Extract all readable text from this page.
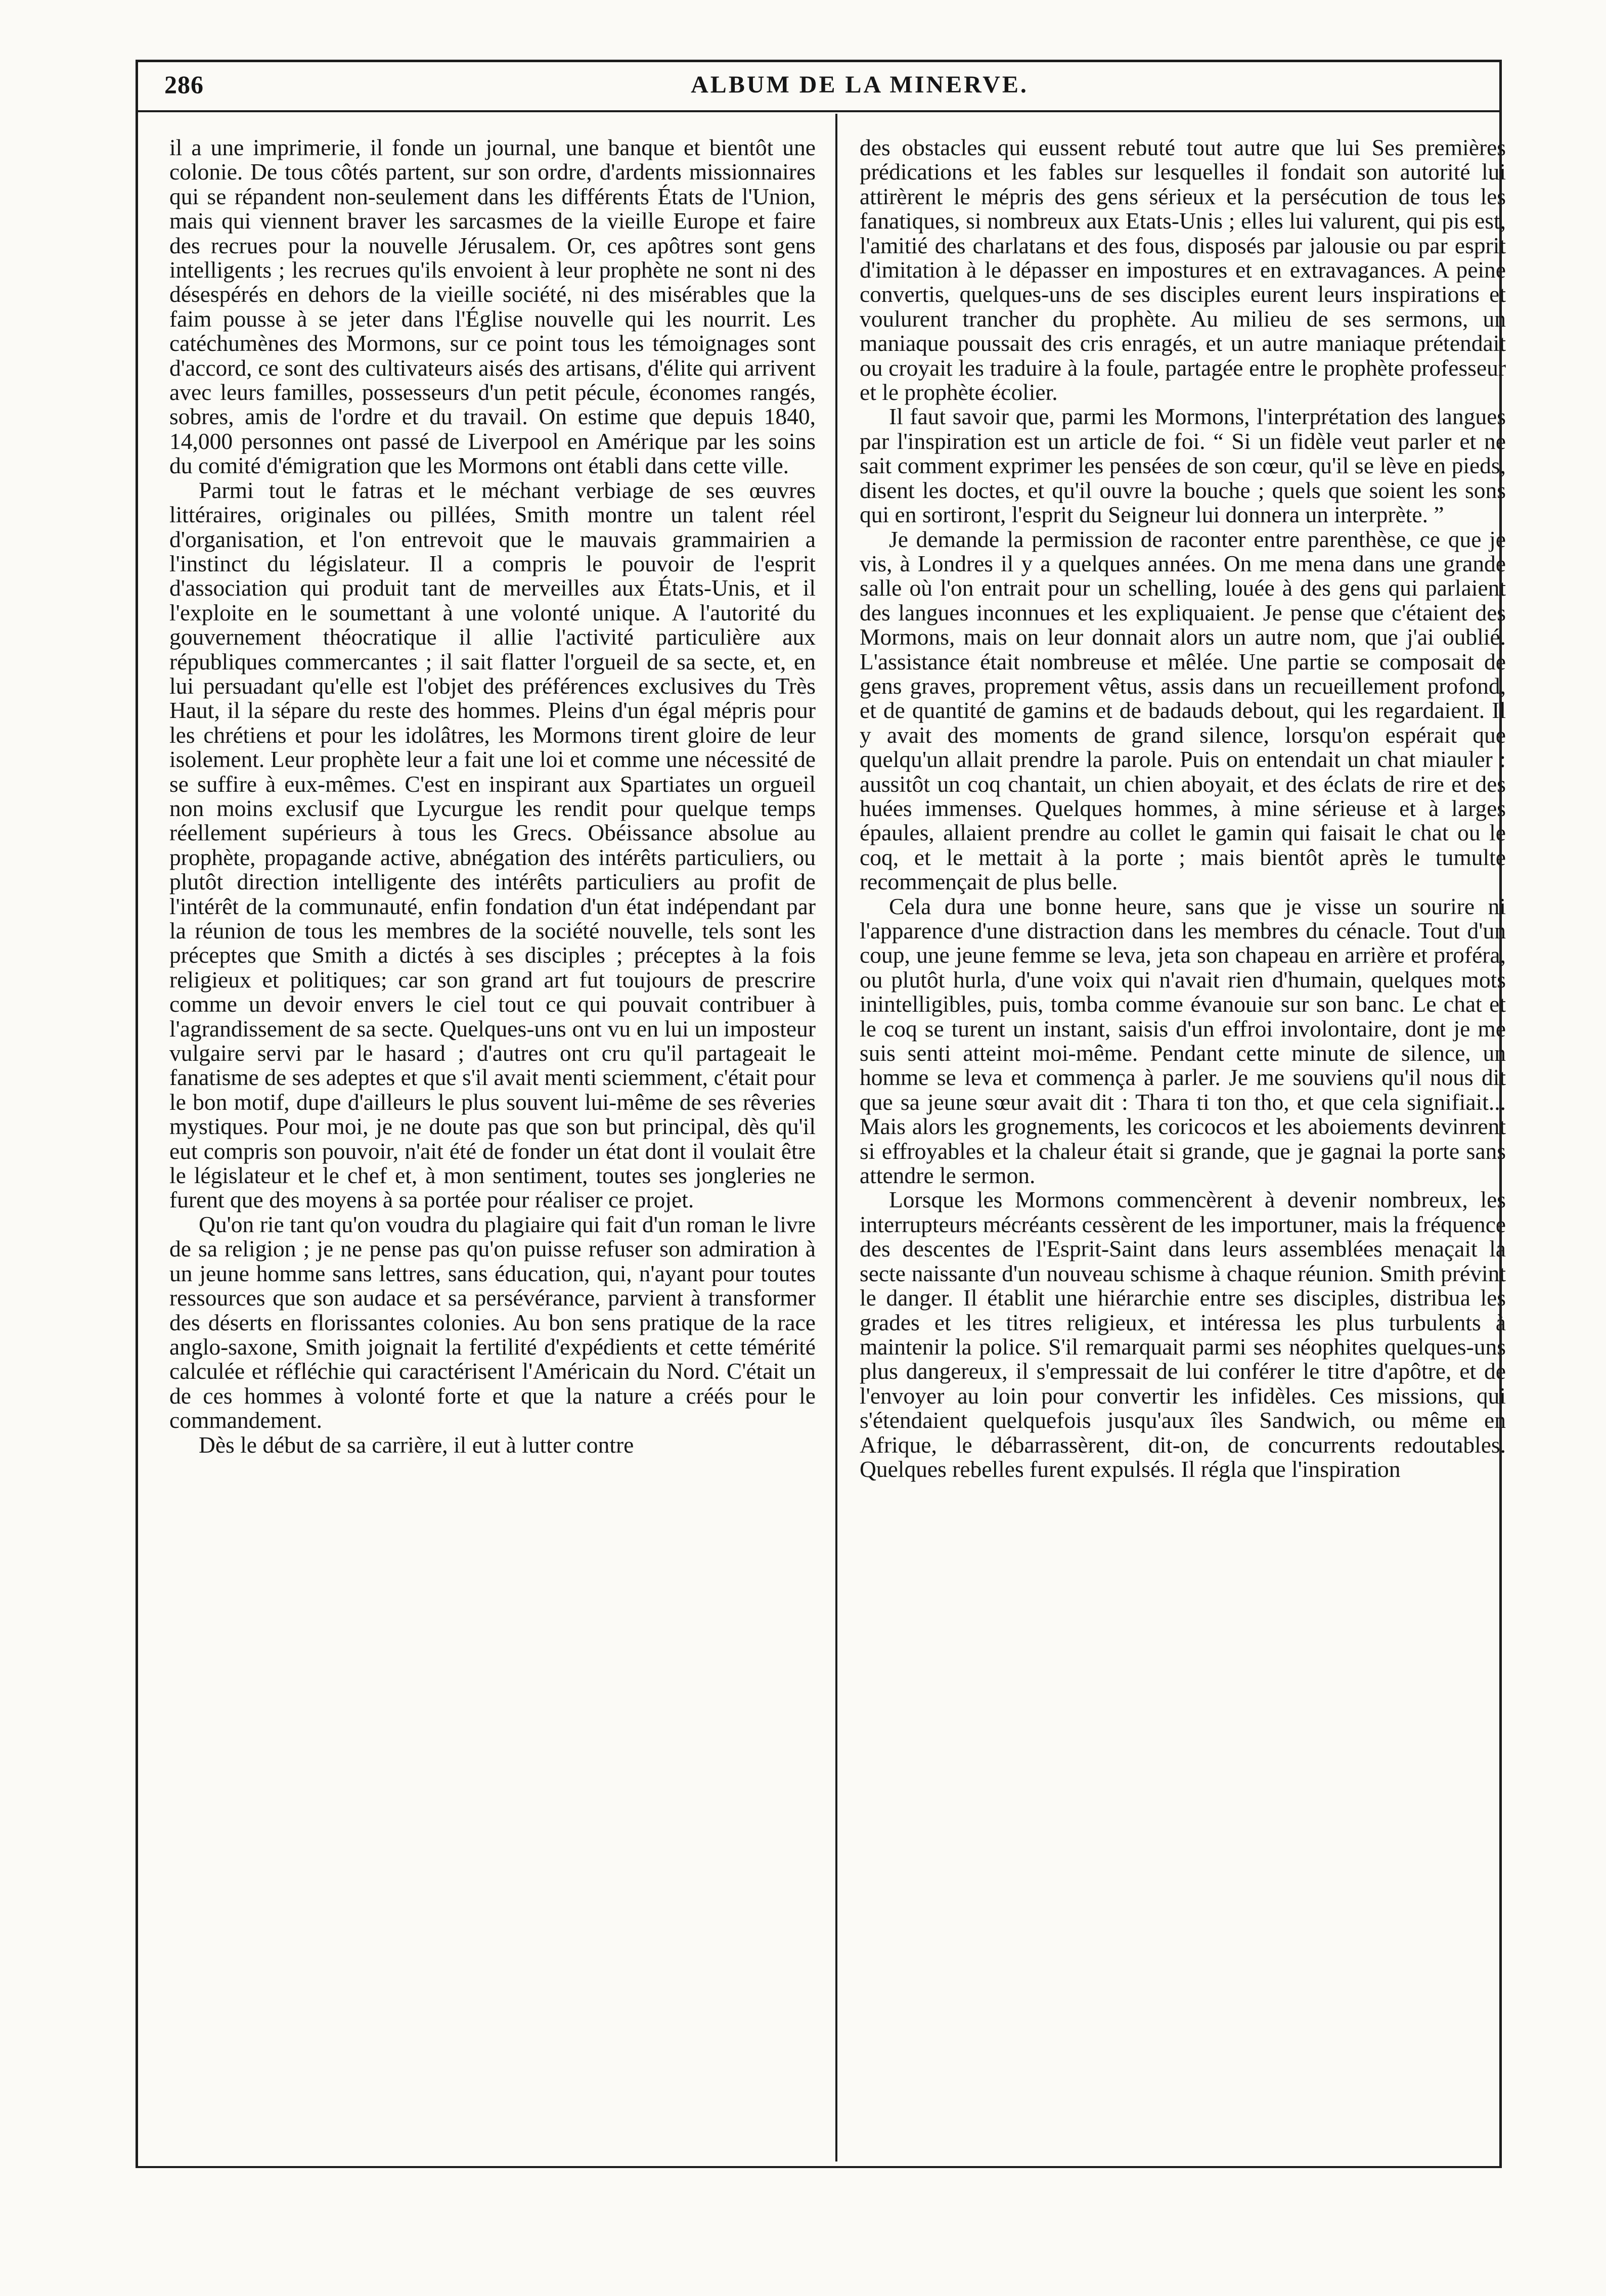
286	ALBUM DE LA MINERVE.

il a une imprimerie, il fonde un journal, une banque et bientôt une colonie. De tous côtés partent, sur son ordre, d'ardents missionnaires qui se répandent non-seulement dans les différents États de l'Union, mais qui viennent braver les sarcasmes de la vieille Europe et faire des recrues pour la nouvelle Jérusalem. Or, ces apôtres sont gens intelligents ; les recrues qu'ils envoient à leur prophète ne sont ni des désespérés en dehors de la vieille société, ni des misérables que la faim pousse à se jeter dans l'Église nouvelle qui les nourrit. Les catéchumènes des Mormons, sur ce point tous les témoignages sont d'accord, ce sont des cultivateurs aisés des artisans, d'élite qui arrivent avec leurs familles, possesseurs d'un petit pécule, économes rangés, sobres, amis de l'ordre et du travail. On estime que depuis 1840, 14,000 personnes ont passé de Liverpool en Amérique par les soins du comité d'émigration que les Mormons ont établi dans cette ville.

Parmi tout le fatras et le méchant verbiage de ses œuvres littéraires, originales ou pillées, Smith montre un talent réel d'organisation, et l'on entrevoit que le mauvais grammairien a l'instinct du législateur. Il a compris le pouvoir de l'esprit d'association qui produit tant de merveilles aux États-Unis, et il l'exploite en le soumettant à une volonté unique. A l'autorité du gouvernement théocratique il allie l'activité particulière aux républiques commercantes ; il sait flatter l'orgueil de sa secte, et, en lui persuadant qu'elle est l'objet des préférences exclusives du Très Haut, il la sépare du reste des hommes. Pleins d'un égal mépris pour les chrétiens et pour les idolâtres, les Mormons tirent gloire de leur isolement. Leur prophète leur a fait une loi et comme une nécessité de se suffire à eux-mêmes. C'est en inspirant aux Spartiates un orgueil non moins exclusif que Lycurgue les rendit pour quelque temps réellement supérieurs à tous les Grecs. Obéissance absolue au prophète, propagande active, abnégation des intérêts particuliers, ou plutôt direction intelligente des intérêts particuliers au profit de l'intérêt de la communauté, enfin fondation d'un état indépendant par la réunion de tous les membres de la société nouvelle, tels sont les préceptes que Smith a dictés à ses disciples ; préceptes à la fois religieux et politiques; car son grand art fut toujours de prescrire comme un devoir envers le ciel tout ce qui pouvait contribuer à l'agrandissement de sa secte. Quelques-uns ont vu en lui un imposteur vulgaire servi par le hasard ; d'autres ont cru qu'il partageait le fanatisme de ses adeptes et que s'il avait menti sciemment, c'était pour le bon motif, dupe d'ailleurs le plus souvent lui-même de ses rêveries mystiques. Pour moi, je ne doute pas que son but principal, dès qu'il eut compris son pouvoir, n'ait été de fonder un état dont il voulait être le législateur et le chef et, à mon sentiment, toutes ses jongleries ne furent que des moyens à sa portée pour réaliser ce projet.

Qu'on rie tant qu'on voudra du plagiaire qui fait d'un roman le livre de sa religion ; je ne pense pas qu'on puisse refuser son admiration à un jeune homme sans lettres, sans éducation, qui, n'ayant pour toutes ressources que son audace et sa persévérance, parvient à transformer des déserts en florissantes colonies. Au bon sens pratique de la race anglo-saxone, Smith joignait la fertilité d'expédients et cette témérité calculée et réfléchie qui caractérisent l'Américain du Nord. C'était un de ces hommes à volonté forte et que la nature a créés pour le commandement.

Dès le début de sa carrière, il eut à lutter contre

des obstacles qui eussent rebuté tout autre que lui Ses premières prédications et les fables sur lesquelles il fondait son autorité lui attirèrent le mépris des gens sérieux et la persécution de tous les fanatiques, si nombreux aux Etats-Unis ; elles lui valurent, qui pis est, l'amitié des charlatans et des fous, disposés par jalousie ou par esprit d'imitation à le dépasser en impostures et en extravagances. A peine convertis, quelques-uns de ses disciples eurent leurs inspirations et voulurent trancher du prophète. Au milieu de ses sermons, un maniaque poussait des cris enragés, et un autre maniaque prétendait ou croyait les traduire à la foule, partagée entre le prophète professeur et le prophète écolier.

Il faut savoir que, parmi les Mormons, l'interprétation des langues par l'inspiration est un article de foi. “ Si un fidèle veut parler et ne sait comment exprimer les pensées de son cœur, qu'il se lève en pieds, disent les doctes, et qu'il ouvre la bouche ; quels que soient les sons qui en sortiront, l'esprit du Seigneur lui donnera un interprète. ”

Je demande la permission de raconter entre parenthèse, ce que je vis, à Londres il y a quelques années. On me mena dans une grande salle où l'on entrait pour un schelling, louée à des gens qui parlaient des langues inconnues et les expliquaient. Je pense que c'étaient des Mormons, mais on leur donnait alors un autre nom, que j'ai oublié. L'assistance était nombreuse et mêlée. Une partie se composait de gens graves, proprement vêtus, assis dans un recueillement profond, et de quantité de gamins et de badauds debout, qui les regardaient. Il y avait des moments de grand silence, lorsqu'on espérait que quelqu'un allait prendre la parole. Puis on entendait un chat miauler : aussitôt un coq chantait, un chien aboyait, et des éclats de rire et des huées immenses. Quelques hommes, à mine sérieuse et à larges épaules, allaient prendre au collet le gamin qui faisait le chat ou le coq, et le mettait à la porte ; mais bientôt après le tumulte recommençait de plus belle.

Cela dura une bonne heure, sans que je visse un sourire ni l'apparence d'une distraction dans les membres du cénacle. Tout d'un coup, une jeune femme se leva, jeta son chapeau en arrière et proféra, ou plutôt hurla, d'une voix qui n'avait rien d'humain, quelques mots inintelligibles, puis, tomba comme évanouie sur son banc. Le chat et le coq se turent un instant, saisis d'un effroi involontaire, dont je me suis senti atteint moi-même. Pendant cette minute de silence, un homme se leva et commença à parler. Je me souviens qu'il nous dit que sa jeune sœur avait dit : Thara ti ton tho, et que cela signifiait... Mais alors les grognements, les coricocos et les aboiements devinrent si effroyables et la chaleur était si grande, que je gagnai la porte sans attendre le sermon.

Lorsque les Mormons commencèrent à devenir nombreux, les interrupteurs mécréants cessèrent de les importuner, mais la fréquence des descentes de l'Esprit-Saint dans leurs assemblées menaçait la secte naissante d'un nouveau schisme à chaque réunion. Smith prévint le danger. Il établit une hiérarchie entre ses disciples, distribua les grades et les titres religieux, et intéressa les plus turbulents à maintenir la police. S'il remarquait parmi ses néophites quelques-uns plus dangereux, il s'empressait de lui conférer le titre d'apôtre, et de l'envoyer au loin pour convertir les infidèles. Ces missions, qui s'étendaient quelquefois jusqu'aux îles Sandwich, ou même en Afrique, le débarrassèrent, dit-on, de concurrents redoutables. Quelques rebelles furent expulsés. Il régla que l'inspiration
